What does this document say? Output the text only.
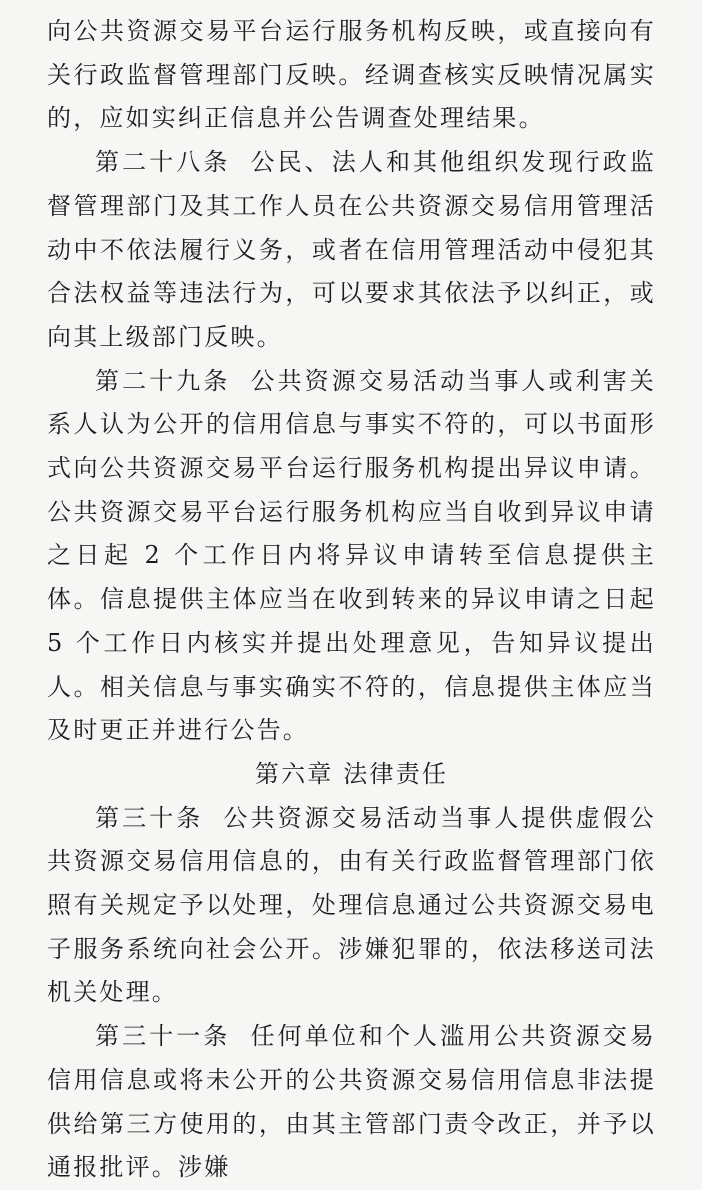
向公共资源交易平台运行服务机构反映，或直接向有关行政监督管理部门反映。经调查核实反映情况属实的，应如实纠正信息并公告调查处理结果。

第二十八条 公民、法人和其他组织发现行政监督管理部门及其工作人员在公共资源交易信用管理活动中不依法履行义务，或者在信用管理活动中侵犯其合法权益等违法行为，可以要求其依法予以纠正，或向其上级部门反映。

第二十九条 公共资源交易活动当事人或利害关系人认为公开的信用信息与事实不符的，可以书面形式向公共资源交易平台运行服务机构提出异议申请。公共资源交易平台运行服务机构应当自收到异议申请之日起 2 个工作日内将异议申请转至信息提供主体。信息提供主体应当在收到转来的异议申请之日起 5 个工作日内核实并提出处理意见，告知异议提出人。相关信息与事实确实不符的，信息提供主体应当及时更正并进行公告。

第六章 法律责任

第三十条 公共资源交易活动当事人提供虚假公共资源交易信用信息的，由有关行政监督管理部门依照有关规定予以处理，处理信息通过公共资源交易电子服务系统向社会公开。涉嫌犯罪的，依法移送司法机关处理。

第三十一条 任何单位和个人滥用公共资源交易信用信息或将未公开的公共资源交易信用信息非法提供给第三方使用的，由其主管部门责令改正，并予以通报批评。涉嫌
